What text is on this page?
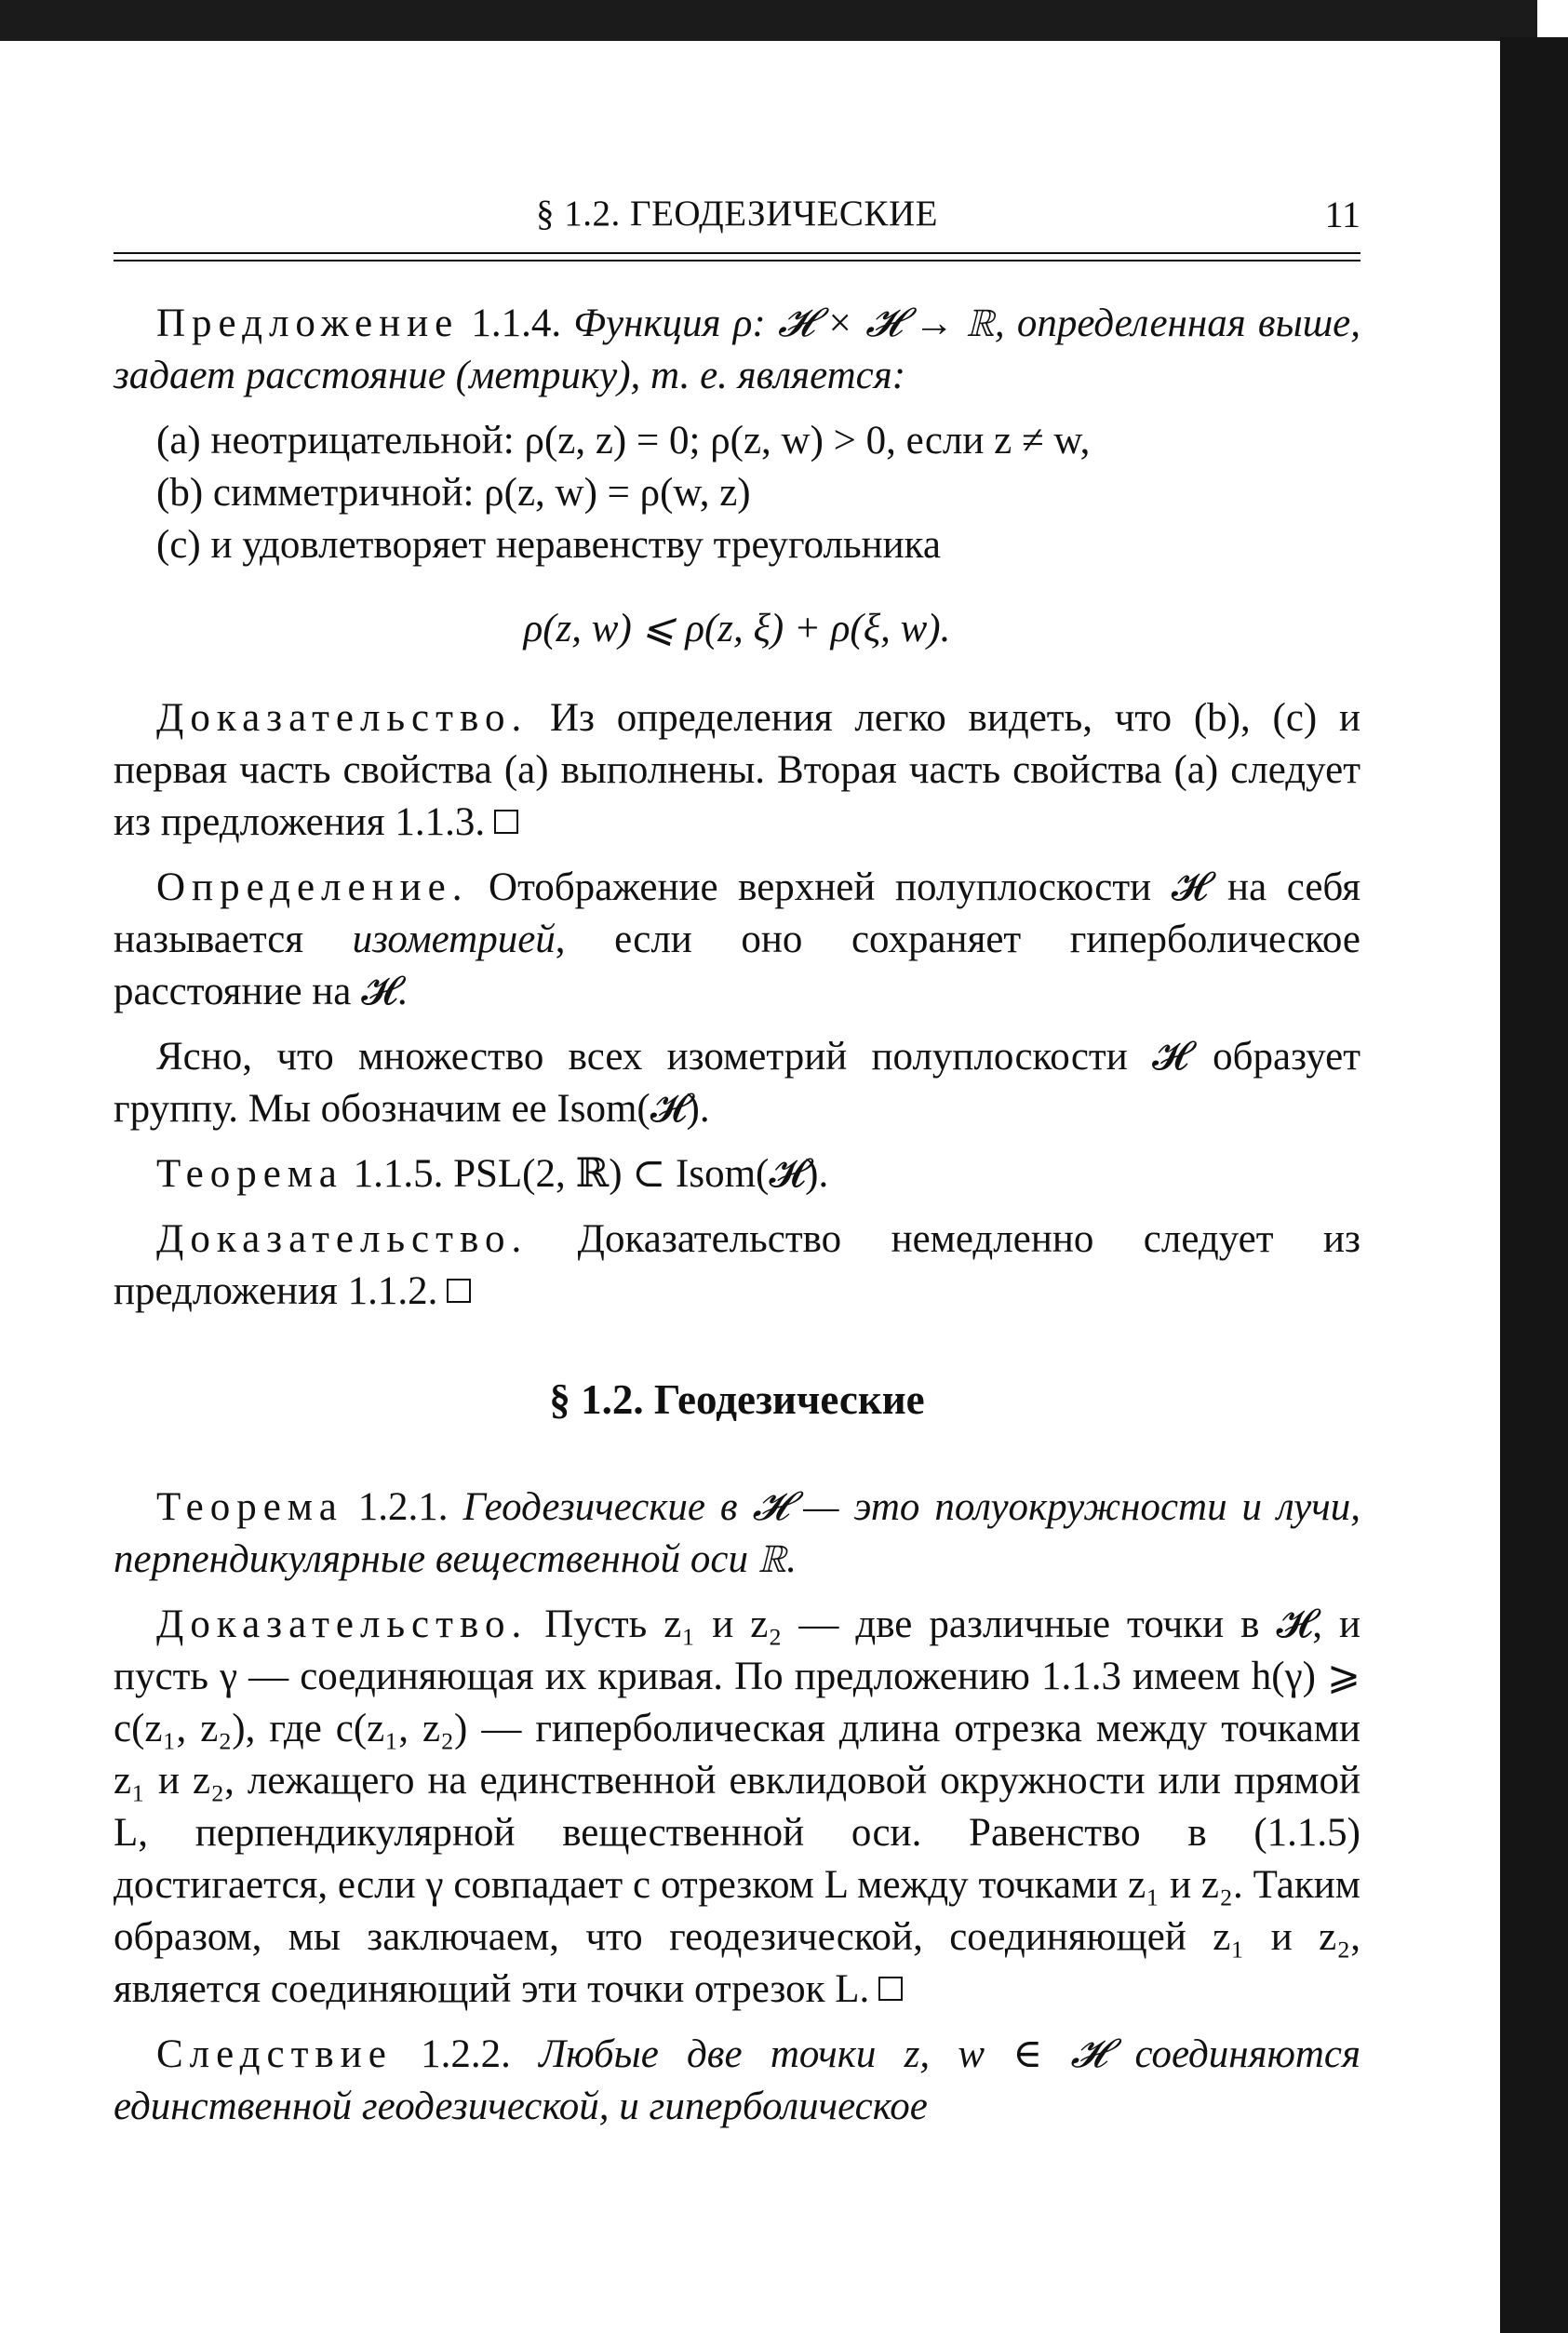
§ 1.2. ГЕОДЕЗИЧЕСКИЕ	11

Предложение 1.1.4. Функция ρ: 𝓗 × 𝓗 → ℝ, определенная выше, задает расстояние (метрику), т. е. является:

(a) неотрицательной: ρ(z, z) = 0; ρ(z, w) > 0, если z ≠ w,

(b) симметричной: ρ(z, w) = ρ(w, z)

(c) и удовлетворяет неравенству треугольника

ρ(z, w) ⩽ ρ(z, ξ) + ρ(ξ, w).

Доказательство. Из определения легко видеть, что (b), (c) и первая часть свойства (a) выполнены. Вторая часть свойства (a) следует из предложения 1.1.3.

Определение. Отображение верхней полуплоскости 𝓗 на себя называется изометрией, если оно сохраняет гиперболическое расстояние на 𝓗.

Ясно, что множество всех изометрий полуплоскости 𝓗 образует группу. Мы обозначим ее Isom(𝓗).

Теорема 1.1.5. PSL(2, ℝ) ⊂ Isom(𝓗).

Доказательство. Доказательство немедленно следует из предложения 1.1.2.

§ 1.2. Геодезические

Теорема 1.2.1. Геодезические в 𝓗 — это полуокружности и лучи, перпендикулярные вещественной оси ℝ.

Доказательство. Пусть z₁ и z₂ — две различные точки в 𝓗, и пусть γ — соединяющая их кривая. По предложению 1.1.3 имеем h(γ) ⩾ c(z₁, z₂), где c(z₁, z₂) — гиперболическая длина отрезка между точками z₁ и z₂, лежащего на единственной евклидовой окружности или прямой L, перпендикулярной вещественной оси. Равенство в (1.1.5) достигается, если γ совпадает с отрезком L между точками z₁ и z₂. Таким образом, мы заключаем, что геодезической, соединяющей z₁ и z₂, является соединяющий эти точки отрезок L.

Следствие 1.2.2. Любые две точки z, w ∈ 𝓗 соединяются единственной геодезической, и гиперболическое
